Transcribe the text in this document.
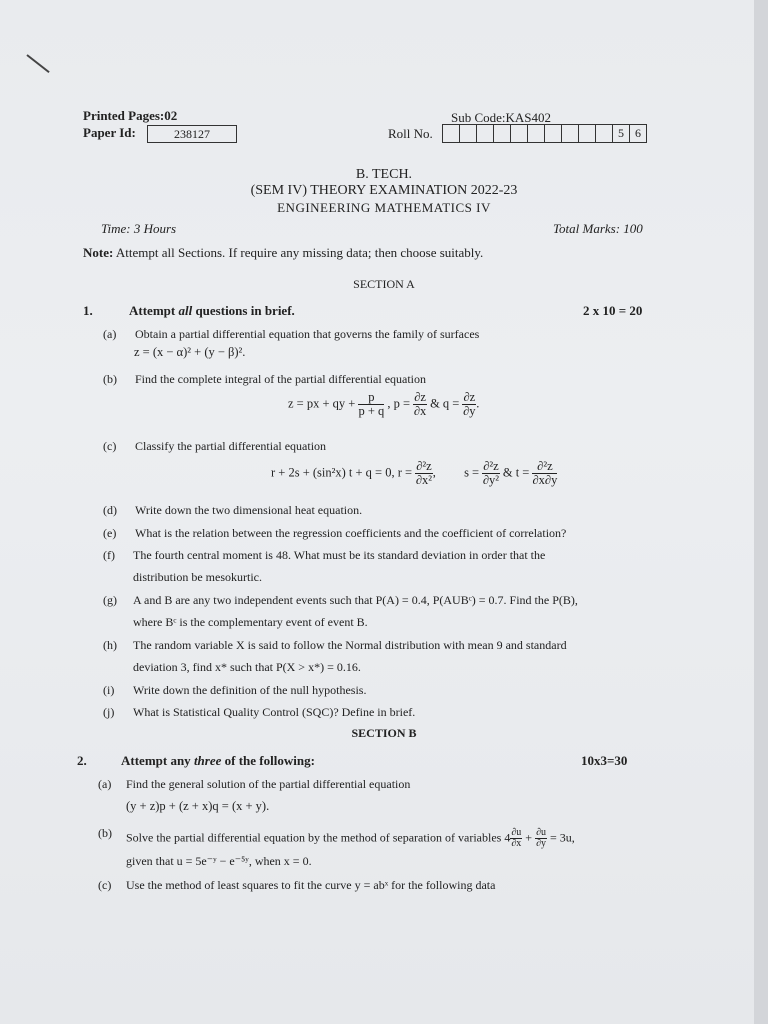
Printed Pages:02
Paper Id:	238127
Sub Code:KAS402
Roll No.	5 6
B. TECH.
(SEM IV) THEORY EXAMINATION 2022-23
ENGINEERING MATHEMATICS IV
Time: 3 Hours	Total Marks: 100
Note: Attempt all Sections. If require any missing data; then choose suitably.
SECTION A
1.	Attempt all questions in brief.	2 x 10 = 20
(a) Obtain a partial differential equation that governs the family of surfaces
z = (x − α)² + (y − β)².
(b) Find the complete integral of the partial differential equation
z = px + qy + $\frac{p}{p + q}$ , $p = \frac{\partial z}{\partial x}$ & $q = \frac{\partial z}{\partial y}$ .
(c) Classify the partial differential equation
r + 2s + (sin²x) t + q = 0, $r = \frac{\text{∂²z}}{\text{∂x²}}$ , $s = \frac{\text{∂²z}}{\text{∂y²}}$ & $t = \frac{\text{∂²z}}{\partial x\partial y}$
(d) Write down the two dimensional heat equation.
(e) What is the relation between the regression coefficients and the coefficient of correlation?
(f) The fourth central moment is 48. What must be its standard deviation in order that the
distribution be mesokurtic.
(g) A and B are any two independent events such that P(A) = 0.4, P(AUBᶜ) = 0.7. Find the P(B),
where Bᶜ is the complementary event of event B.
(h) The random variable X is said to follow the Normal distribution with mean 9 and standard
deviation 3, find x* such that P(X > x*) = 0.16.
(i) Write down the definition of the null hypothesis.
(j) What is Statistical Quality Control (SQC)? Define in brief.
SECTION B
2.	Attempt any three of the following:	10x3=30
(a) Find the general solution of the partial differential equation
(y + z)p + (z + x)q = (x + y).
(b) Solve the partial differential equation by the method of separation of variables $4 \frac{\partial u}{\partial x} + \frac{\partial u}{\partial y} = 3u$,
given that u = 5e⁻ʸ − e⁻⁵ʸ, when x = 0.
(c) Use the method of least squares to fit the curve y = abˣ for the following data
